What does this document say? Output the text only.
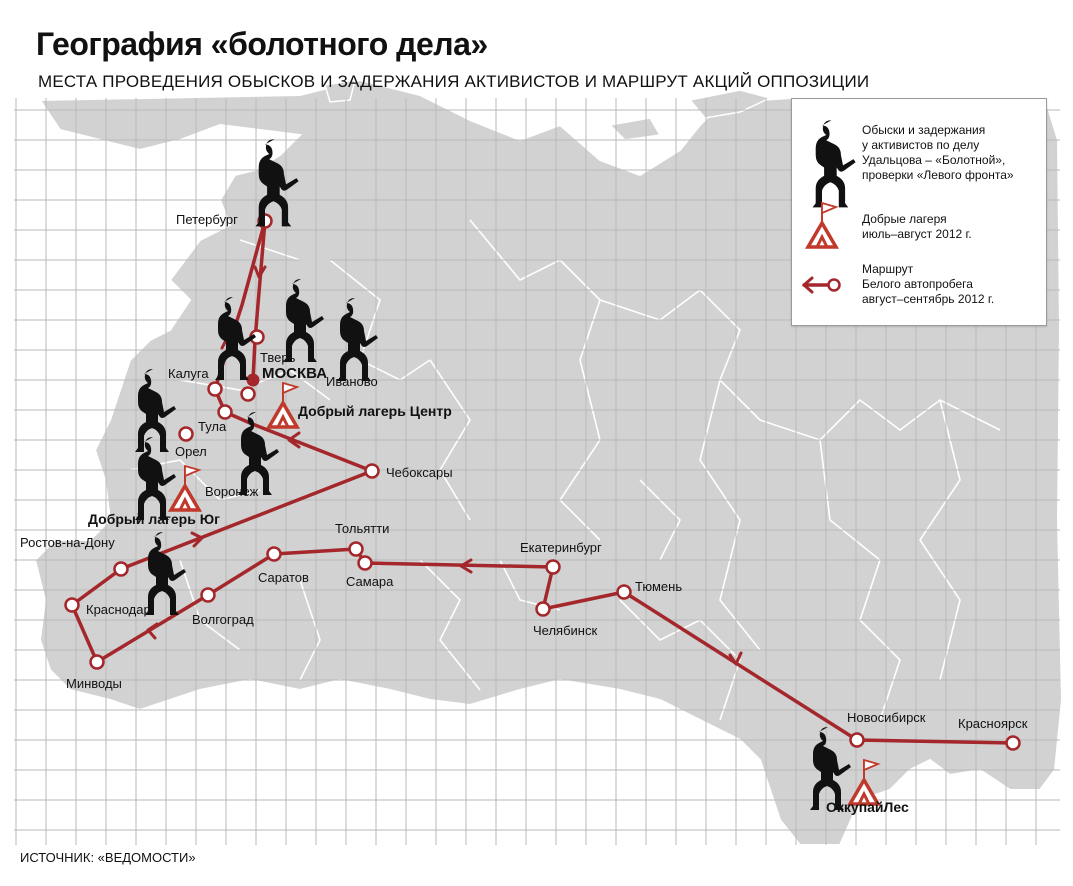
Петербург
Тверь
МОСКВА
Калуга
Иваново
Тула
Орел
Воронеж
Чебоксары
Ростов-на-Дону
Краснодар
Минводы
Волгоград
Саратов
Тольятти
Самара
Екатеринбург
Челябинск
Тюмень
Новосибирск	Красноярск
Добрый лагерь Центр
Добрый лагерь Юг
ОккупайЛес
География «болотного дела»
МЕСТА ПРОВЕДЕНИЯ ОБЫСКОВ И ЗАДЕРЖАНИЯ АКТИВИСТОВ И МАРШРУТ АКЦИЙ ОППОЗИЦИИ
ИСТОЧНИК: «ВЕДОМОСТИ»
Обыски и задержания
у активистов по делу
Удальцова – «Болотной»,
проверки «Левого фронта»
Добрые лагеря
июль–август 2012 г.
Маршрут
Белого автопробега
август–сентябрь 2012 г.
